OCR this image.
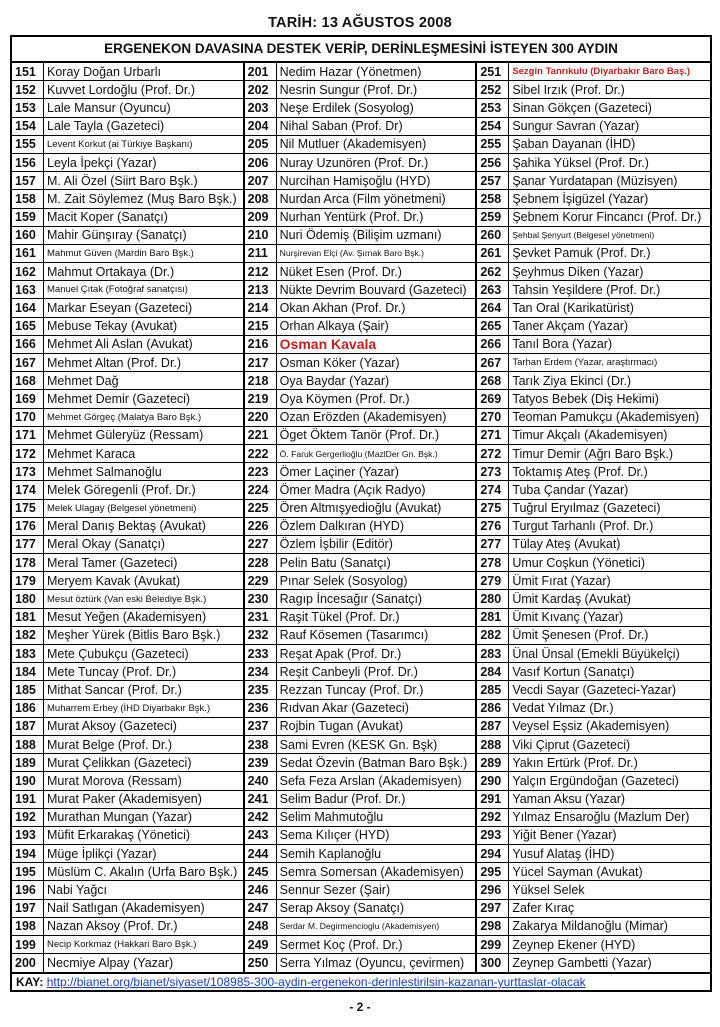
TARİH: 13 AĞUSTOS 2008
ERGENEKON DAVASINA DESTEK VERİP, DERİNLEŞMESİNİ İSTEYEN 300 AYDIN
151 Koray Doğan Urbarlı
152 Kuvvet Lordoğlu (Prof. Dr.)
153 Lale Mansur (Oyuncu)
154 Lale Tayla (Gazeteci)
155	Levent Korkut (ai Türkiye Başkanı)
156 Leyla İpekçi (Yazar)
157 M. Ali Özel (Siirt Baro Bşk.)
158 M. Zait Söylemez (Muş Baro Bşk.)
159 Macit Koper (Sanatçı)
160 Mahir Günşıray (Sanatçı)
161	Mahmut Güven (Mardin Baro Bşk.)
162 Mahmut Ortakaya (Dr.)
163	Manuel Çıtak (Fotoğraf sanatçısı)
164 Markar Eseyan (Gazeteci)
165 Mebuse Tekay (Avukat)
166 Mehmet Ali Aslan (Avukat)
167 Mehmet Altan (Prof. Dr.)
168 Mehmet Dağ
169 Mehmet Demir (Gazeteci)
170	Mehmet Görgeç (Malatya Baro Bşk.)
171 Mehmet Güleryüz (Ressam)
172 Mehmet Karaca
173 Mehmet Salmanoğlu
174 Melek Göregenli (Prof. Dr.)
175	Melek Ulagay (Belgesel yönetmeni)
176 Meral Danış Bektaş (Avukat)
177 Meral Okay (Sanatçı)
178 Meral Tamer (Gazeteci)
179 Meryem Kavak (Avukat)
180	Mesut öztürk (Van eski Belediye Bşk.)
181 Mesut Yeğen (Akademisyen)
182 Meşher Yürek (Bitlis Baro Bşk.)
183 Mete Çubukçu (Gazeteci)
184 Mete Tuncay (Prof. Dr.)
185 Mithat Sancar (Prof. Dr.)
186	Muharrem Erbey (İHD Diyarbakır Bşk.)
187 Murat Aksoy (Gazeteci)
188 Murat Belge (Prof. Dr.)
189 Murat Çelikkan (Gazeteci)
190 Murat Morova (Ressam)
191 Murat Paker (Akademisyen)
192 Murathan Mungan (Yazar)
193 Müfit Erkarakaş (Yönetici)
194 Müge İplikçi (Yazar)
195 Müslüm C. Akalın (Urfa Baro Bşk.)
196 Nabi Yağcı
197 Nail Satlıgan (Akademisyen)
198 Nazan Aksoy (Prof. Dr.)
199	Necip Korkmaz (Hakkari Baro Bşk.)
200 Necmiye Alpay (Yazar)
201 Nedim Hazar (Yönetmen)
202 Nesrin Sungur (Prof. Dr.)
203 Neşe Erdilek (Sosyolog)
204 Nihal Saban (Prof. Dr)
205 Nil Mutluer (Akademisyen)
206 Nuray Uzunören (Prof. Dr.)
207 Nurcihan Hamişoğlu (HYD)
208 Nurdan Arca (Film yönetmeni)
209 Nurhan Yentürk (Prof. Dr.)
210 Nuri Ödemiş (Bilişim uzmanı)
211	Nurşirevan Elçi (Av. Şırnak Baro Bşk.)
212 Nüket Esen (Prof. Dr.)
213 Nükte Devrim Bouvard (Gazeteci)
214 Okan Akhan (Prof. Dr.)
215 Orhan Alkaya (Şair)
216 Osman Kavala
217 Osman Köker (Yazar)
218 Oya Baydar (Yazar)
219 Oya Köymen (Prof. Dr.)
220 Ozan Erözden (Akademisyen)
221 Öget Öktem Tanör (Prof. Dr.)
222	Ö. Faruk Gergerlioğlu (MazlDer Gn. Bşk.)
223 Ömer Laçiner (Yazar)
224 Ömer Madra (Açık Radyo)
225 Ören Altmışyedioğlu (Avukat)
226 Özlem Dalkıran (HYD)
227 Özlem İşbilir (Editör)
228 Pelin Batu (Sanatçı)
229 Pınar Selek (Sosyolog)
230 Ragıp İncesağır (Sanatçı)
231 Raşit Tükel (Prof. Dr.)
232 Rauf Kösemen (Tasarımcı)
233 Reşat Apak (Prof. Dr.)
234 Reşit Canbeyli (Prof. Dr.)
235 Rezzan Tuncay (Prof. Dr.)
236 Rıdvan Akar (Gazeteci)
237 Rojbin Tugan (Avukat)
238 Sami Evren (KESK Gn. Bşk)
239 Sedat Özevin (Batman Baro Bşk.)
240 Sefa Feza Arslan (Akademisyen)
241 Selim Badur (Prof. Dr.)
242 Selim Mahmutoğlu
243 Sema Kılıçer (HYD)
244 Semih Kaplanoğlu
245 Semra Somersan (Akademisyen)
246 Sennur Sezer (Şair)
247 Serap Aksoy (Sanatçı)
248	Serdar M. Degirmencioglu (Akademisyen)
249 Sermet Koç (Prof. Dr.)
250 Serra Yılmaz (Oyuncu, çevirmen)
251	Sezgin Tanrıkulu (Diyarbakır Baro Baş.)
252 Sibel Irzık (Prof. Dr.)
253 Sinan Gökçen (Gazeteci)
254 Sungur Savran (Yazar)
255 Şaban Dayanan (İHD)
256 Şahika Yüksel (Prof. Dr.)
257 Şanar Yurdatapan (Müzisyen)
258 Şebnem İşigüzel (Yazar)
259 Şebnem Korur Fincancı (Prof. Dr.)
260	Şehbal Şenyurt (Belgesel yönetmeni)
261 Şevket Pamuk (Prof. Dr.)
262 Şeyhmus Diken (Yazar)
263 Tahsin Yeşildere (Prof. Dr.)
264 Tan Oral (Karikatürist)
265 Taner Akçam (Yazar)
266 Tanıl Bora (Yazar)
267	Tarhan Erdem (Yazar, araştırmacı)
268 Tarık Ziya Ekinci (Dr.)
269 Tatyos Bebek (Diş Hekimi)
270 Teoman Pamukçu (Akademisyen)
271 Timur Akçalı (Akademisyen)
272 Timur Demir (Ağrı Baro Bşk.)
273 Toktamış Ateş (Prof. Dr.)
274 Tuba Çandar (Yazar)
275 Tuğrul Eryılmaz (Gazeteci)
276 Turgut Tarhanlı (Prof. Dr.)
277 Tülay Ateş (Avukat)
278 Umur Coşkun (Yönetici)
279 Ümit Fırat (Yazar)
280 Ümit Kardaş (Avukat)
281 Ümit Kıvanç (Yazar)
282 Ümit Şenesen (Prof. Dr.)
283 Ünal Ünsal (Emekli Büyükelçi)
284 Vasıf Kortun (Sanatçı)
285 Vecdi Sayar (Gazeteci-Yazar)
286 Vedat Yılmaz (Dr.)
287 Veysel Eşsiz (Akademisyen)
288 Viki Çiprut (Gazeteci)
289 Yakın Ertürk (Prof. Dr.)
290 Yalçın Ergündoğan (Gazeteci)
291 Yaman Aksu (Yazar)
292 Yılmaz Ensaroğlu (Mazlum Der)
293 Yiğit Bener (Yazar)
294 Yusuf Alataş (İHD)
295 Yücel Sayman (Avukat)
296 Yüksel Selek
297 Zafer Kıraç
298 Zakarya Mildanoğlu (Mimar)
299 Zeynep Ekener (HYD)
300 Zeynep Gambetti (Yazar)
KAY: http://bianet.org/bianet/siyaset/108985-300-aydin-ergenekon-derinlestirilsin-kazanan-yurttaslar-olacak
- 2 -
